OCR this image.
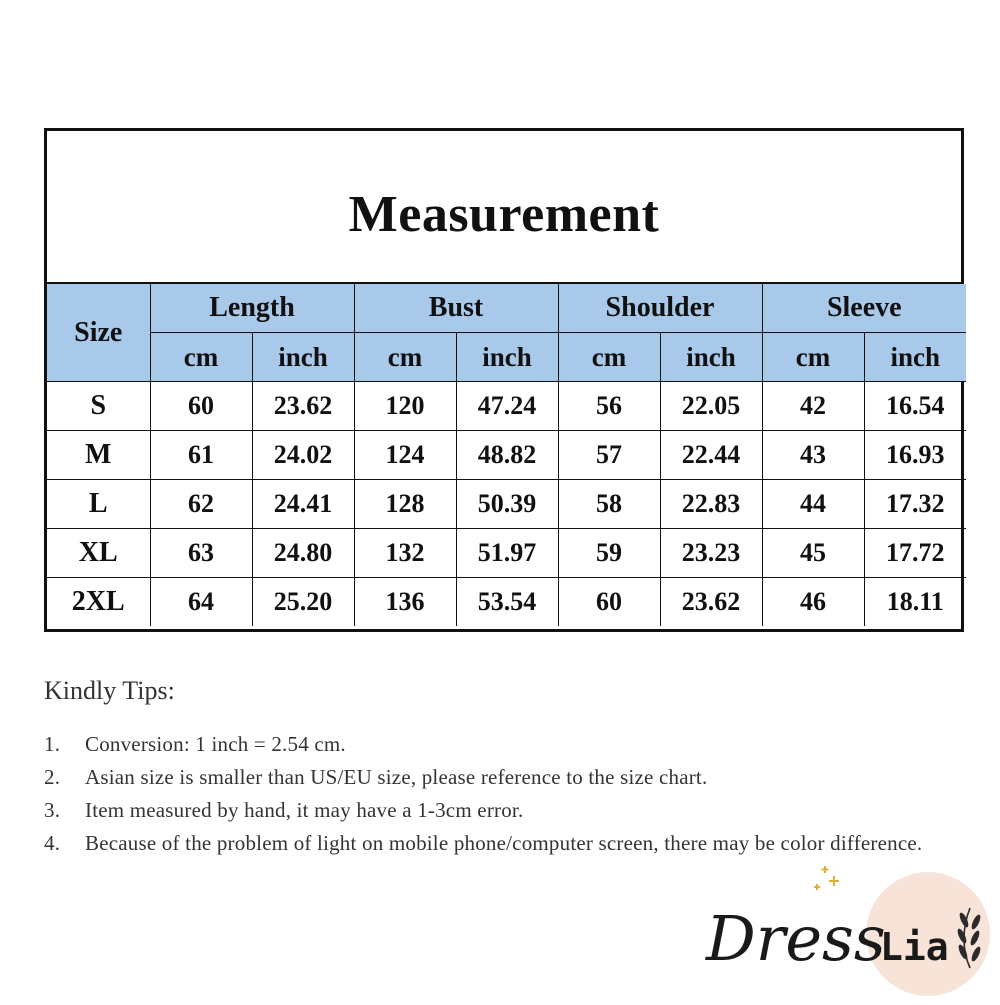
Measurement
Size	Length		Bust		Shoulder		Sleeve	
	cm	inch	cm	inch	cm	inch	cm	inch
S	60	23.62	120	47.24	56	22.05	42	16.54
M	61	24.02	124	48.82	57	22.44	43	16.93
L	62	24.41	128	50.39	58	22.83	44	17.32
XL	63	24.80	132	51.97	59	23.23	45	17.72
2XL	64	25.20	136	53.54	60	23.62	46	18.11
Kindly Tips:
1.	Conversion: 1 inch = 2.54 cm.
2.	Asian size is smaller than US/EU size, please reference to the size chart.
3.	Item measured by hand, it may have a 1-3cm error.
4.	Because of the problem of light on mobile phone/computer screen, there may be color difference.
Dress
Lia
